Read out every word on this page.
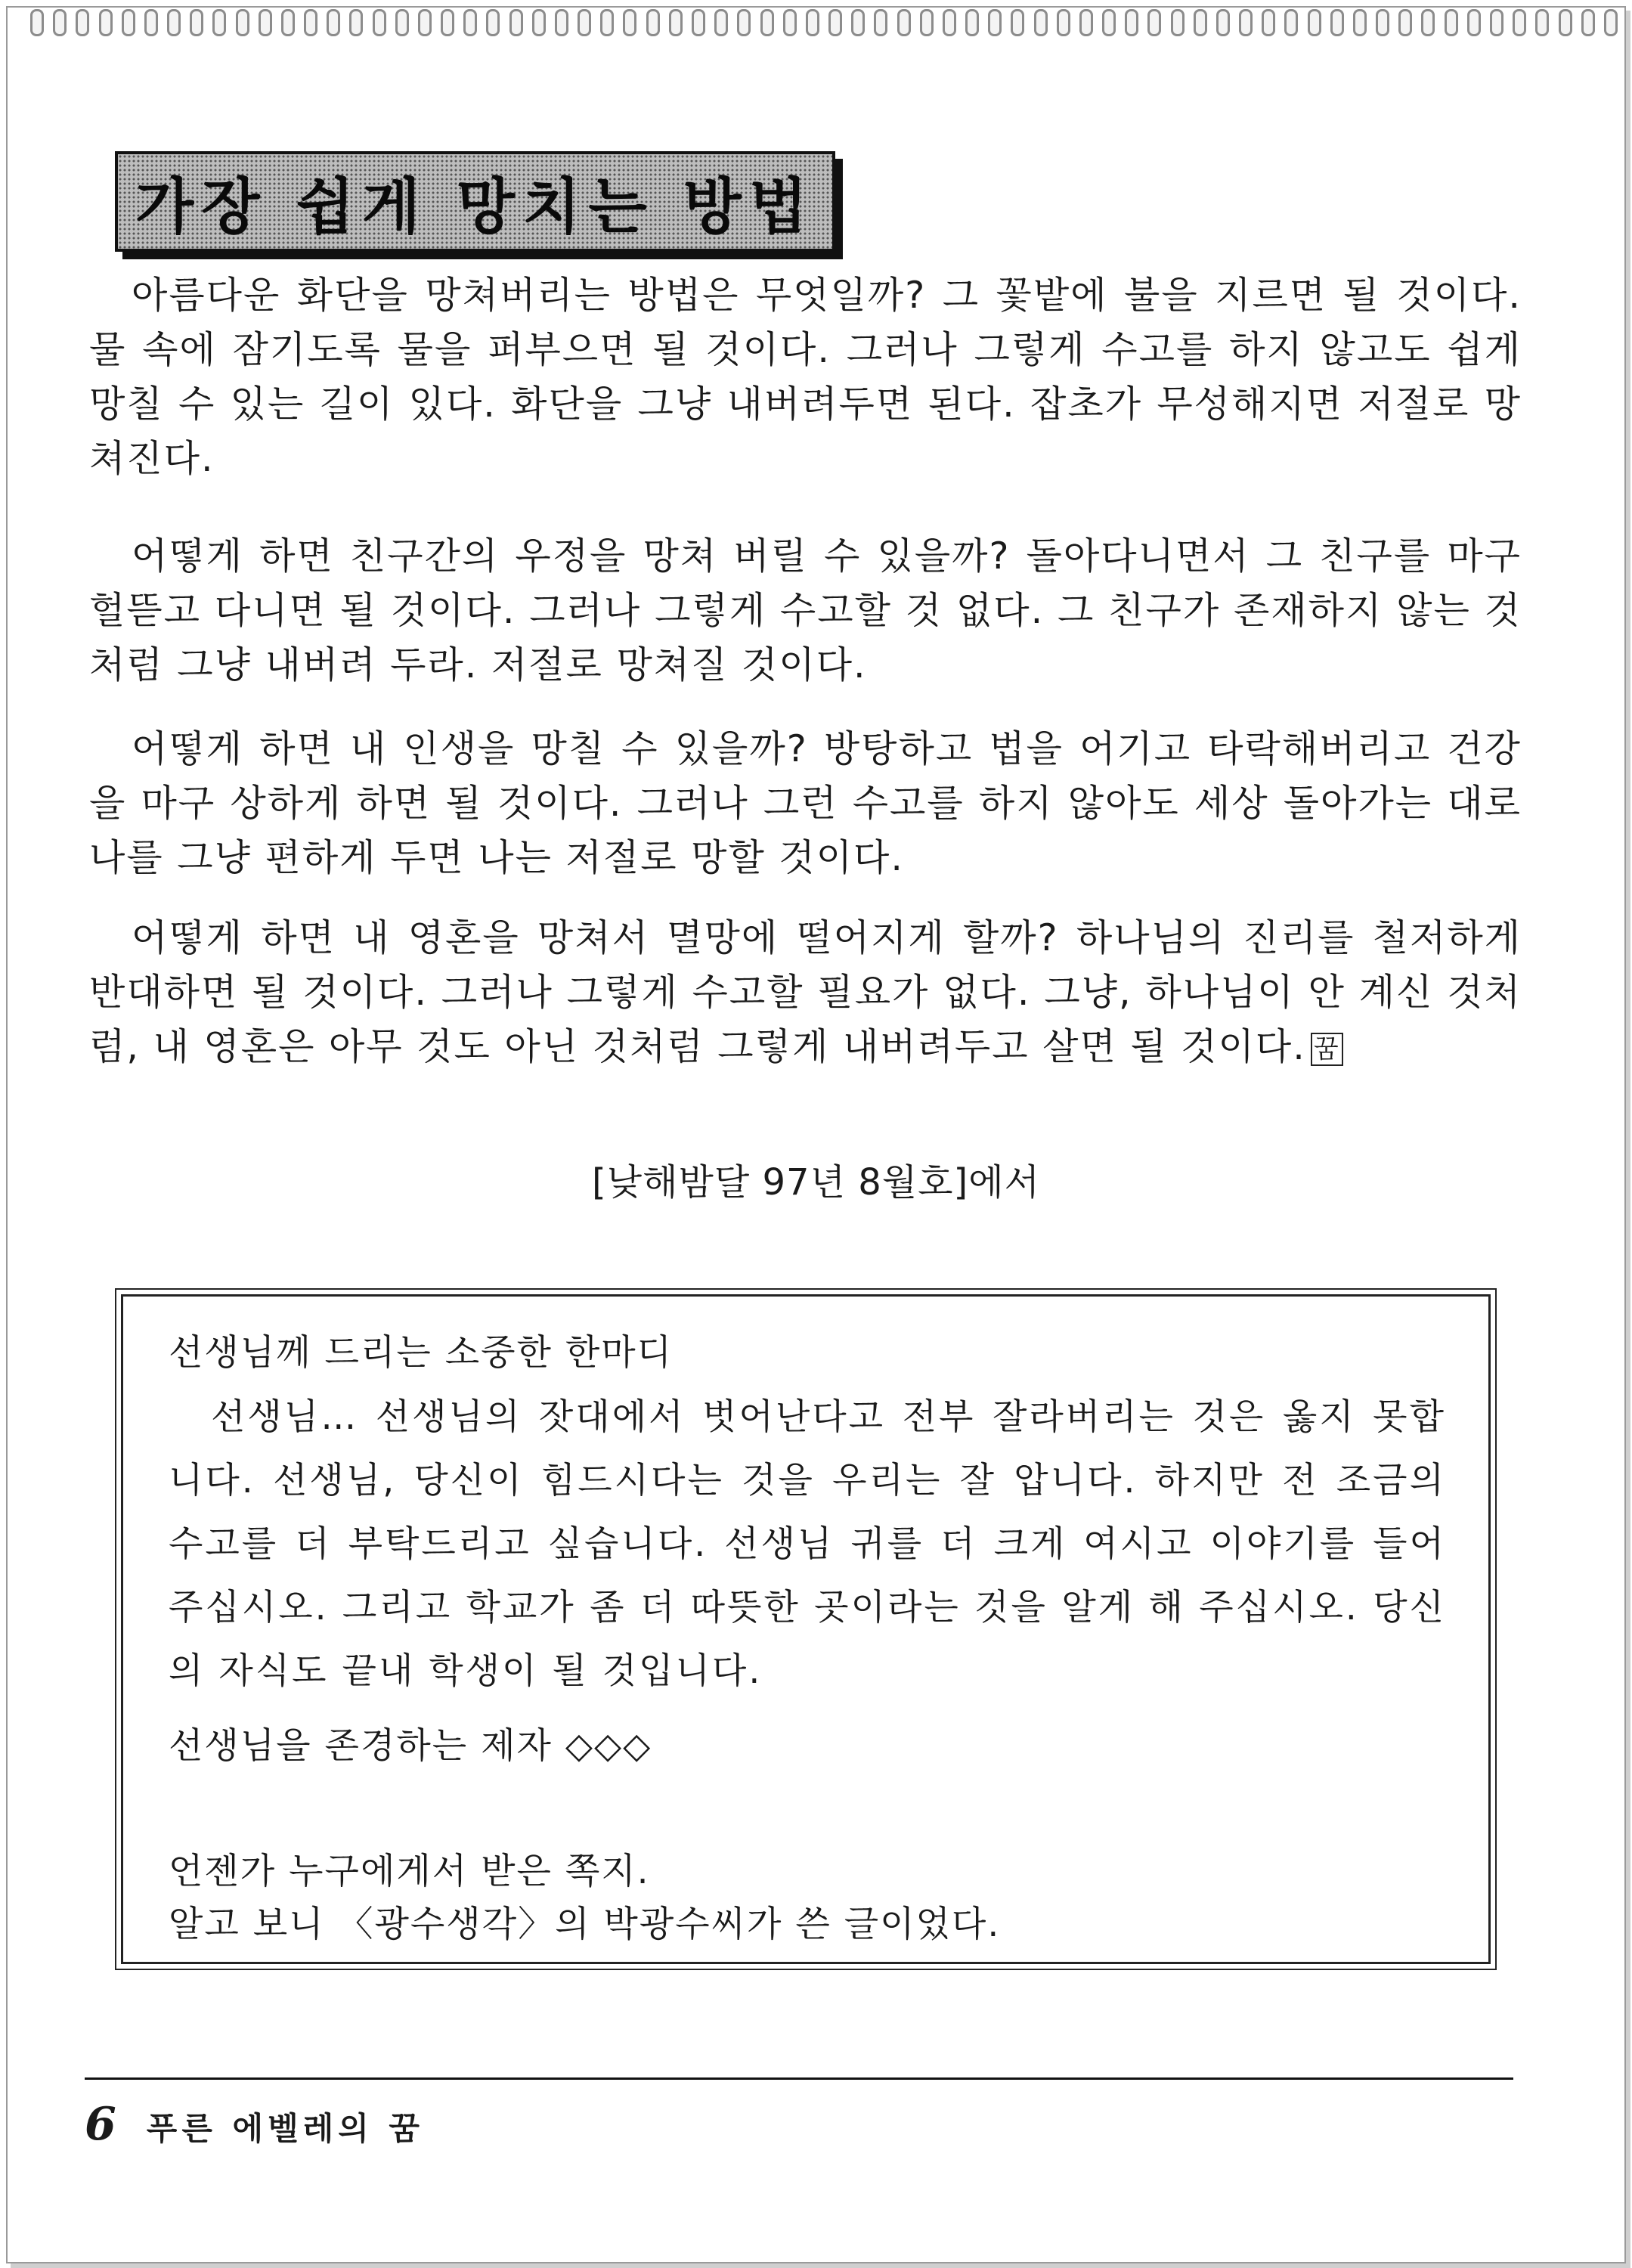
가장 쉽게 망치는 방법

아름다운 화단을 망쳐버리는 방법은 무엇일까? 그 꽃밭에 불을 지르면 될 것이다. 물 속에 잠기도록 물을 퍼부으면 될 것이다. 그러나 그렇게 수고를 하지 않고도 쉽게 망칠 수 있는 길이 있다. 화단을 그냥 내버려두면 된다. 잡초가 무성해지면 저절로 망쳐진다.

어떻게 하면 친구간의 우정을 망쳐 버릴 수 있을까? 돌아다니면서 그 친구를 마구 헐뜯고 다니면 될 것이다. 그러나 그렇게 수고할 것 없다. 그 친구가 존재하지 않는 것처럼 그냥 내버려 두라. 저절로 망쳐질 것이다.

어떻게 하면 내 인생을 망칠 수 있을까? 방탕하고 법을 어기고 타락해버리고 건강을 마구 상하게 하면 될 것이다. 그러나 그런 수고를 하지 않아도 세상 돌아가는 대로 나를 그냥 편하게 두면 나는 저절로 망할 것이다.

어떻게 하면 내 영혼을 망쳐서 멸망에 떨어지게 할까? 하나님의 진리를 철저하게 반대하면 될 것이다. 그러나 그렇게 수고할 필요가 없다. 그냥, 하나님이 안 계신 것처럼, 내 영혼은 아무 것도 아닌 것처럼 그렇게 내버려두고 살면 될 것이다. 꿈

[낮해밤달 97년 8월호]에서

선생님께 드리는 소중한 한마디

선생님… 선생님의 잣대에서 벗어난다고 전부 잘라버리는 것은 옳지 못합니다. 선생님, 당신이 힘드시다는 것을 우리는 잘 압니다. 하지만 전 조금의 수고를 더 부탁드리고 싶습니다. 선생님 귀를 더 크게 여시고 이야기를 들어주십시오. 그리고 학교가 좀 더 따뜻한 곳이라는 것을 알게 해 주십시오. 당신의 자식도 끝내 학생이 될 것입니다.

선생님을 존경하는 제자 ◇◇◇

언젠가 누구에게서 받은 쪽지.

알고 보니 〈광수생각〉의 박광수씨가 쓴 글이었다.

6 푸른 에벨레의 꿈
